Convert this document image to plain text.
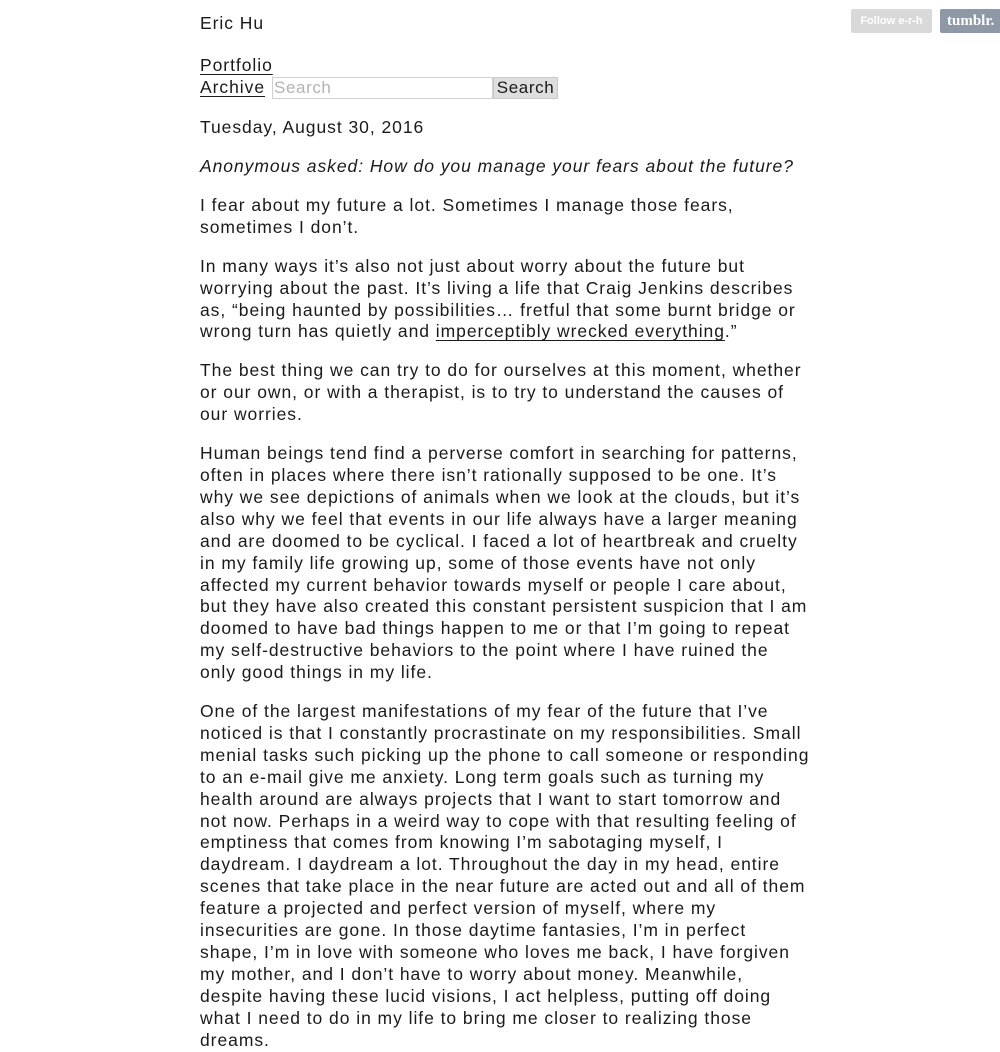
Follow e-r-h	tumblr.
Eric Hu
Portfolio
Archive
Search	Search
Tuesday, August 30, 2016
Anonymous asked: How do you manage your fears about the future?

I fear about my future a lot. Sometimes I manage those fears, sometimes I don’t.

In many ways it’s also not just about worry about the future but worrying about the past. It’s living a life that Craig Jenkins describes as, “being haunted by possibilities… fretful that some burnt bridge or wrong turn has quietly and imperceptibly wrecked everything.”

The best thing we can try to do for ourselves at this moment, whether or our own, or with a therapist, is to try to understand the causes of our worries.

Human beings tend find a perverse comfort in searching for patterns, often in places where there isn’t rationally supposed to be one. It’s why we see depictions of animals when we look at the clouds, but it’s also why we feel that events in our life always have a larger meaning and are doomed to be cyclical. I faced a lot of heartbreak and cruelty in my family life growing up, some of those events have not only affected my current behavior towards myself or people I care about, but they have also created this constant persistent suspicion that I am doomed to have bad things happen to me or that I’m going to repeat my self-destructive behaviors to the point where I have ruined the only good things in my life.

One of the largest manifestations of my fear of the future that I’ve noticed is that I constantly procrastinate on my responsibilities. Small menial tasks such picking up the phone to call someone or responding to an e-mail give me anxiety. Long term goals such as turning my health around are always projects that I want to start tomorrow and not now. Perhaps in a weird way to cope with that resulting feeling of emptiness that comes from knowing I’m sabotaging myself, I daydream. I daydream a lot. Throughout the day in my head, entire scenes that take place in the near future are acted out and all of them feature a projected and perfect version of myself, where my insecurities are gone. In those daytime fantasies, I’m in perfect shape, I’m in love with someone who loves me back, I have forgiven my mother, and I don’t have to worry about money. Meanwhile, despite having these lucid visions, I act helpless, putting off doing what I need to do in my life to bring me closer to realizing those dreams.
